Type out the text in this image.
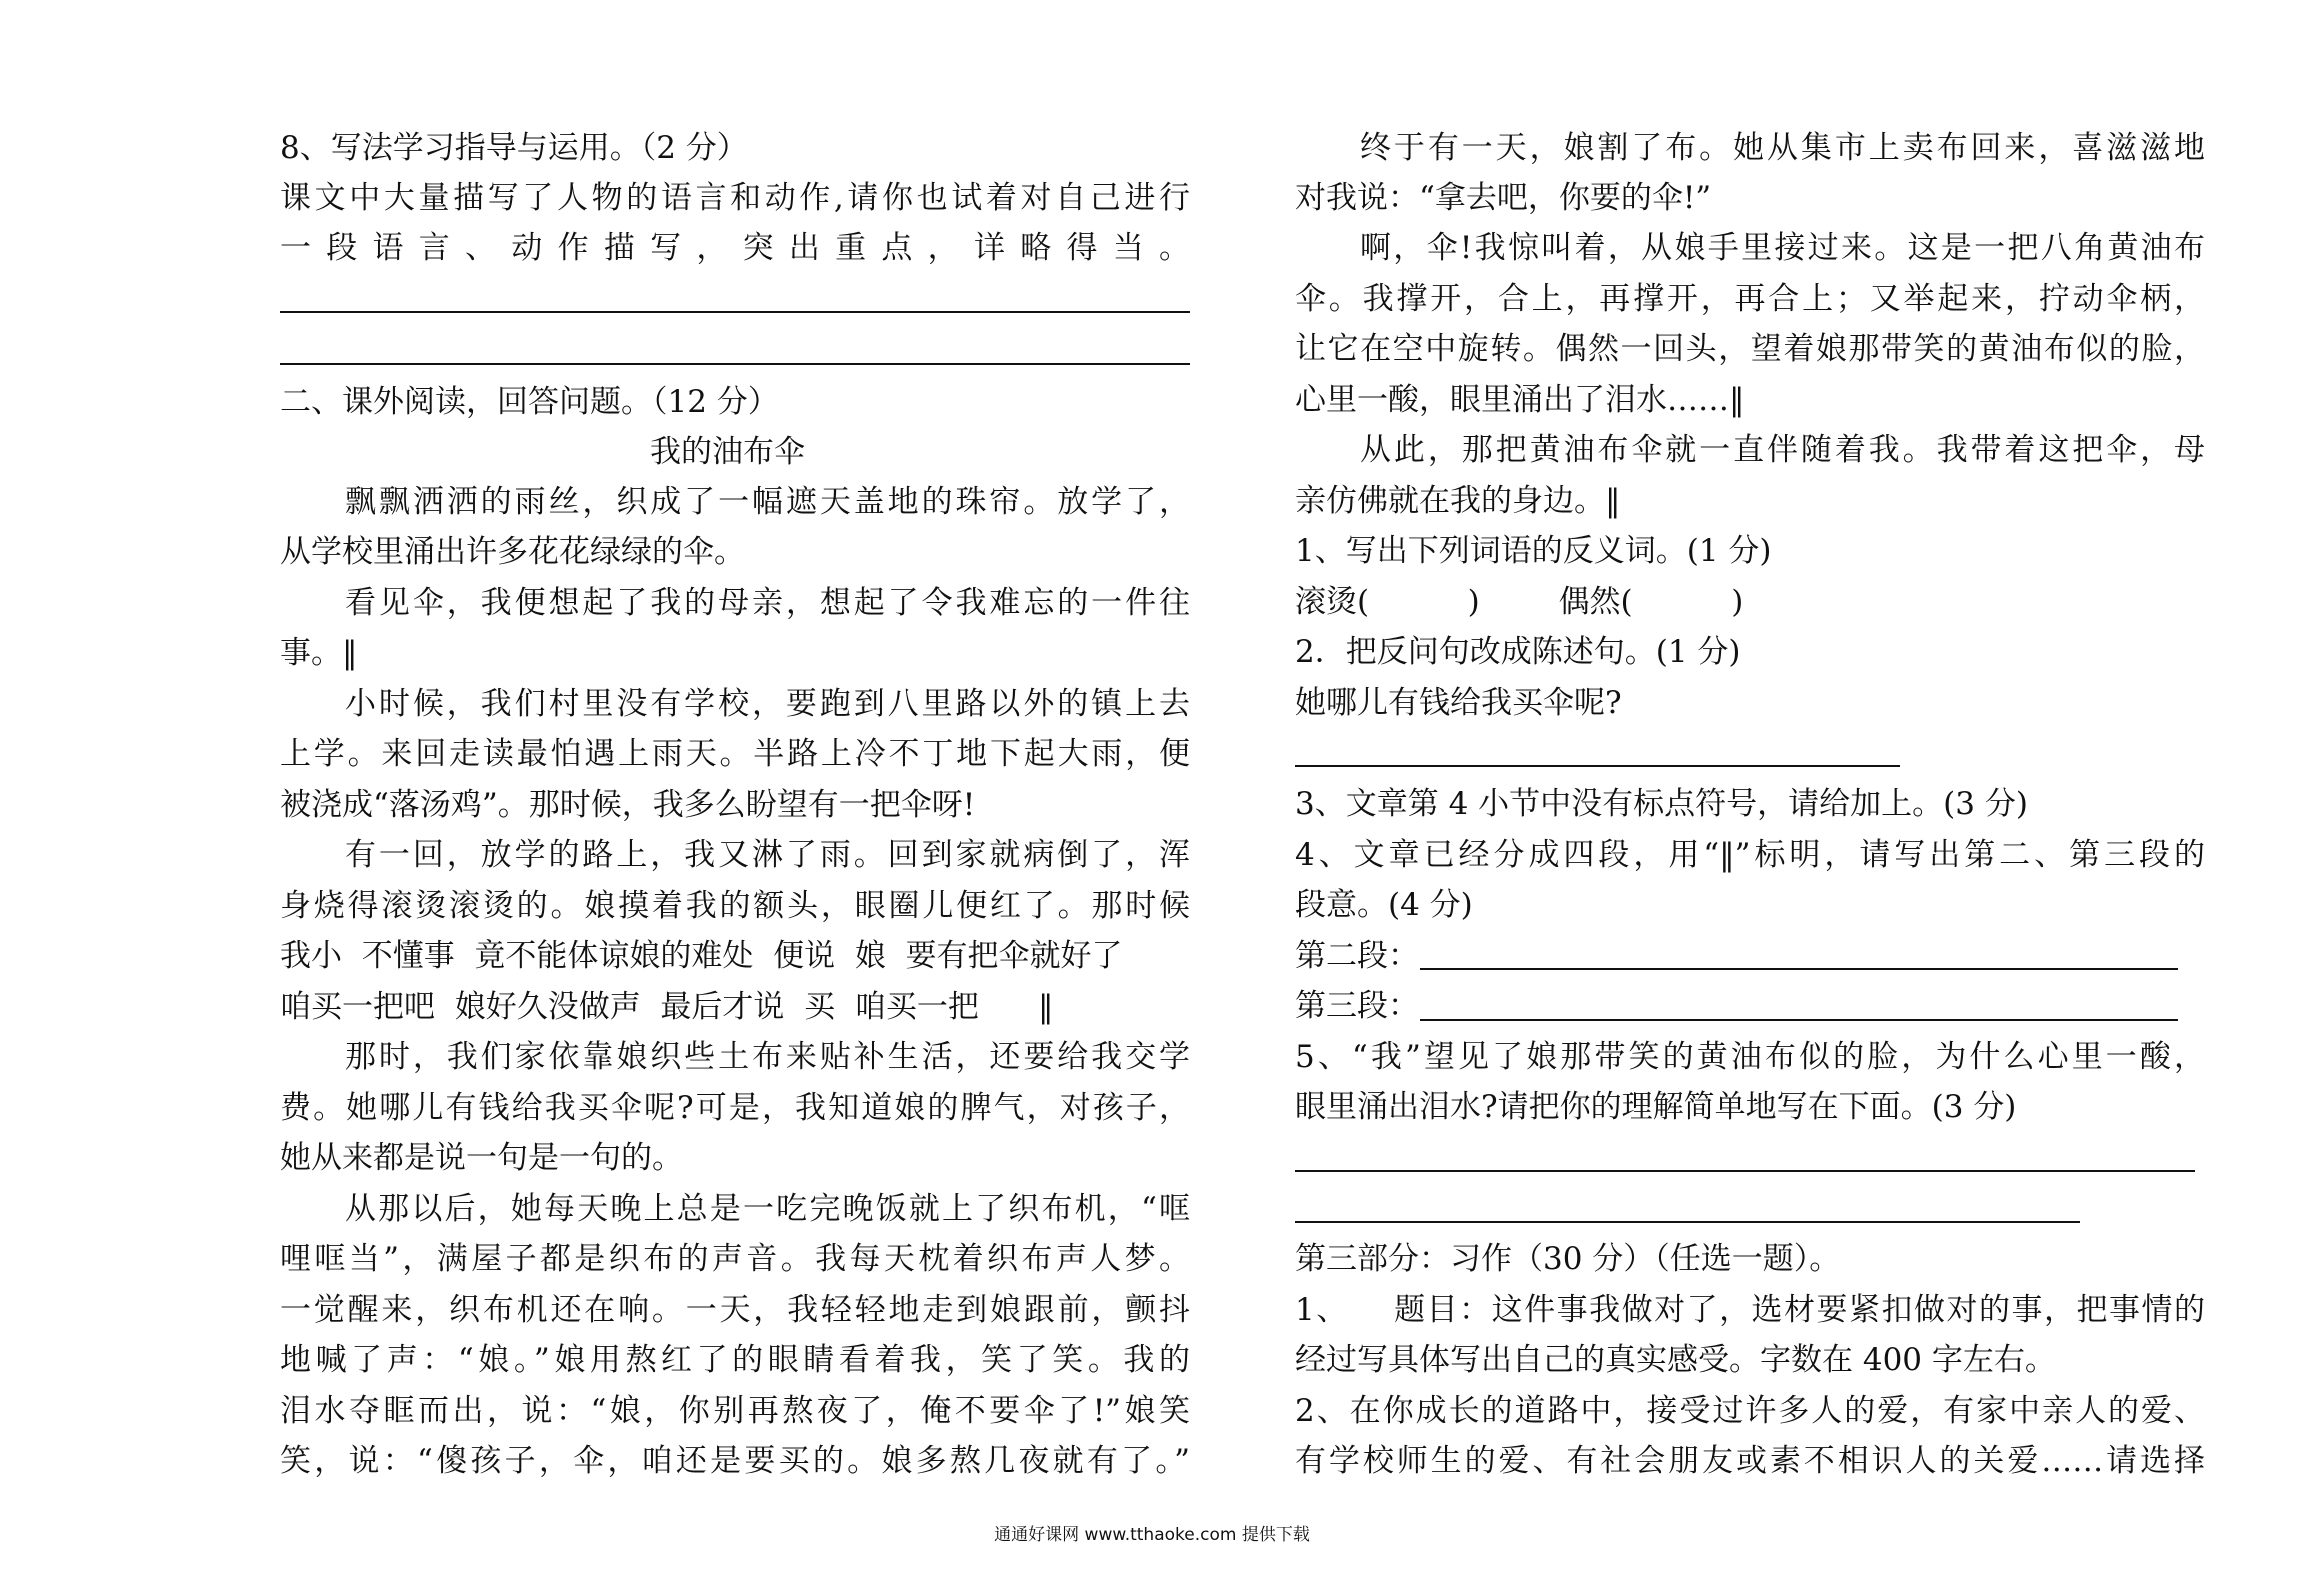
8、写法学习指导与运用。（2 分）
课文中大量描写了人物的语言和动作,请你也试着对自己进行
一段语言、动作描写，突出重点，详略得当。
二、课外阅读，回答问题。（12 分）
我的油布伞
飘飘洒洒的雨丝，织成了一幅遮天盖地的珠帘。放学了，
从学校里涌出许多花花绿绿的伞。
看见伞，我便想起了我的母亲，想起了令我难忘的一件往
事。‖
小时候，我们村里没有学校，要跑到八里路以外的镇上去
上学。来回走读最怕遇上雨天。半路上冷不丁地下起大雨，便
被浇成“落汤鸡”。那时候，我多么盼望有一把伞呀!
有一回，放学的路上，我又淋了雨。回到家就病倒了，浑
身烧得滚烫滚烫的。娘摸着我的额头，眼圈儿便红了。那时候
我小  不懂事  竟不能体谅娘的难处  便说  娘  要有把伞就好了
咱买一把吧  娘好久没做声  最后才说  买  咱买一把      ‖
那时，我们家依靠娘织些土布来贴补生活，还要给我交学
费。她哪儿有钱给我买伞呢?可是，我知道娘的脾气，对孩子，
她从来都是说一句是一句的。
从那以后，她每天晚上总是一吃完晚饭就上了织布机，“哐
哩哐当”，满屋子都是织布的声音。我每天枕着织布声人梦。
一觉醒来，织布机还在响。一天，我轻轻地走到娘跟前，颤抖
地喊了声：“娘。”娘用熬红了的眼睛看着我，笑了笑。我的
泪水夺眶而出，说：“娘，你别再熬夜了，俺不要伞了!”娘笑
笑，说：“傻孩子，伞，咱还是要买的。娘多熬几夜就有了。”
终于有一天，娘割了布。她从集市上卖布回来，喜滋滋地
对我说：“拿去吧，你要的伞!”
啊，伞!我惊叫着，从娘手里接过来。这是一把八角黄油布
伞。我撑开，合上，再撑开，再合上；又举起来，拧动伞柄，
让它在空中旋转。偶然一回头，望着娘那带笑的黄油布似的脸，
心里一酸，眼里涌出了泪水……‖
从此，那把黄油布伞就一直伴随着我。我带着这把伞，母
亲仿佛就在我的身边。‖
1、写出下列词语的反义词。(1 分)
滚烫(          )        偶然(          )
2．把反问句改成陈述句。(1 分)
她哪儿有钱给我买伞呢?
3、文章第 4 小节中没有标点符号，请给加上。(3 分)
4、文章已经分成四段，用“‖”标明，请写出第二、第三段的
段意。(4 分)
第二段：
第三段：
5、“我”望见了娘那带笑的黄油布似的脸，为什么心里一酸，
眼里涌出泪水?请把你的理解简单地写在下面。(3 分)
第三部分：习作（30 分）（任选一题）。
1、    题目：这件事我做对了，选材要紧扣做对的事，把事情的
经过写具体写出自己的真实感受。字数在 400 字左右。
2、在你成长的道路中，接受过许多人的爱，有家中亲人的爱、
有学校师生的爱、有社会朋友或素不相识人的关爱……请选择
通通好课网 www.tthaoke.com 提供下载
